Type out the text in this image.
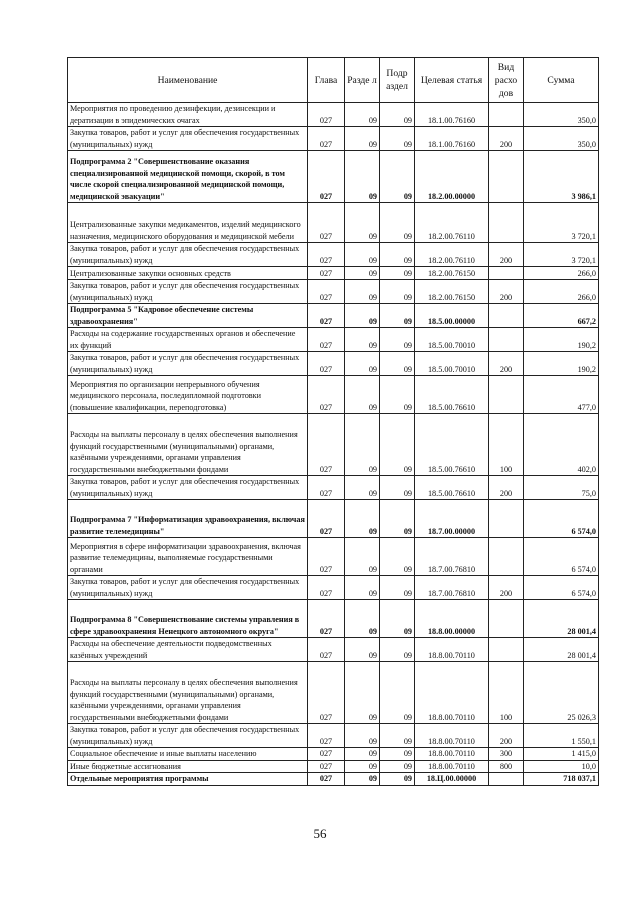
Наименование	Глава	Разде л	Подр аздел	Целевая статья	Вид расхо дов	Сумма
Мероприятия по проведению дезинфекции, дезинсекции и дератизации в эпидемических очагах	027	09	09	18.1.00.76160		350,0
Закупка товаров, работ и услуг для обеспечения государственных (муниципальных) нужд	027	09	09	18.1.00.76160	200	350,0
Подпрограмма 2 "Совершенствование оказания специализированной медицинской помощи, скорой, в том числе скорой специализированной медицинской помощи, медицинской эвакуации"	027	09	09	18.2.00.00000		3 986,1
Централизованные закупки медикаментов, изделий медицинского назначения, медицинского оборудования и медицинской мебели	027	09	09	18.2.00.76110		3 720,1
Закупка товаров, работ и услуг для обеспечения государственных (муниципальных) нужд	027	09	09	18.2.00.76110	200	3 720,1
Централизованные закупки основных средств	027	09	09	18.2.00.76150		266,0
Закупка товаров, работ и услуг для обеспечения государственных (муниципальных) нужд	027	09	09	18.2.00.76150	200	266,0
Подпрограмма 5 "Кадровое обеспечение системы здравоохранения"	027	09	09	18.5.00.00000		667,2
Расходы на содержание государственных органов и обеспечение их функций	027	09	09	18.5.00.70010		190,2
Закупка товаров, работ и услуг для обеспечения государственных (муниципальных) нужд	027	09	09	18.5.00.70010	200	190,2
Мероприятия по организации непрерывного обучения медицинского персонала, последипломной подготовки (повышение квалификации, переподготовка)	027	09	09	18.5.00.76610		477,0
Расходы на выплаты персоналу в целях обеспечения выполнения функций государственными (муниципальными) органами, казёнными учреждениями, органами управления государственными внебюджетными фондами	027	09	09	18.5.00.76610	100	402,0
Закупка товаров, работ и услуг для обеспечения государственных (муниципальных) нужд	027	09	09	18.5.00.76610	200	75,0
Подпрограмма 7 "Информатизация здравоохранения, включая развитие телемедицины"	027	09	09	18.7.00.00000		6 574,0
Мероприятия в сфере информатизации здравоохранения, включая развитие телемедицины, выполняемые государственными органами	027	09	09	18.7.00.76810		6 574,0
Закупка товаров, работ и услуг для обеспечения государственных (муниципальных) нужд	027	09	09	18.7.00.76810	200	6 574,0
Подпрограмма 8 "Совершенствование системы управления в сфере здравоохранения Ненецкого автономного округа"	027	09	09	18.8.00.00000		28 001,4
Расходы на обеспечение деятельности подведомственных казённых учреждений	027	09	09	18.8.00.70110		28 001,4
Расходы на выплаты персоналу в целях обеспечения выполнения функций государственными (муниципальными) органами, казёнными учреждениями, органами управления государственными внебюджетными фондами	027	09	09	18.8.00.70110	100	25 026,3
Закупка товаров, работ и услуг для обеспечения государственных (муниципальных) нужд	027	09	09	18.8.00.70110	200	1 550,1
Социальное обеспечение и иные выплаты населению	027	09	09	18.8.00.70110	300	1 415,0
Иные бюджетные ассигнования	027	09	09	18.8.00.70110	800	10,0
Отдельные мероприятия программы	027	09	09	18.Ц.00.00000		718 037,1
56
